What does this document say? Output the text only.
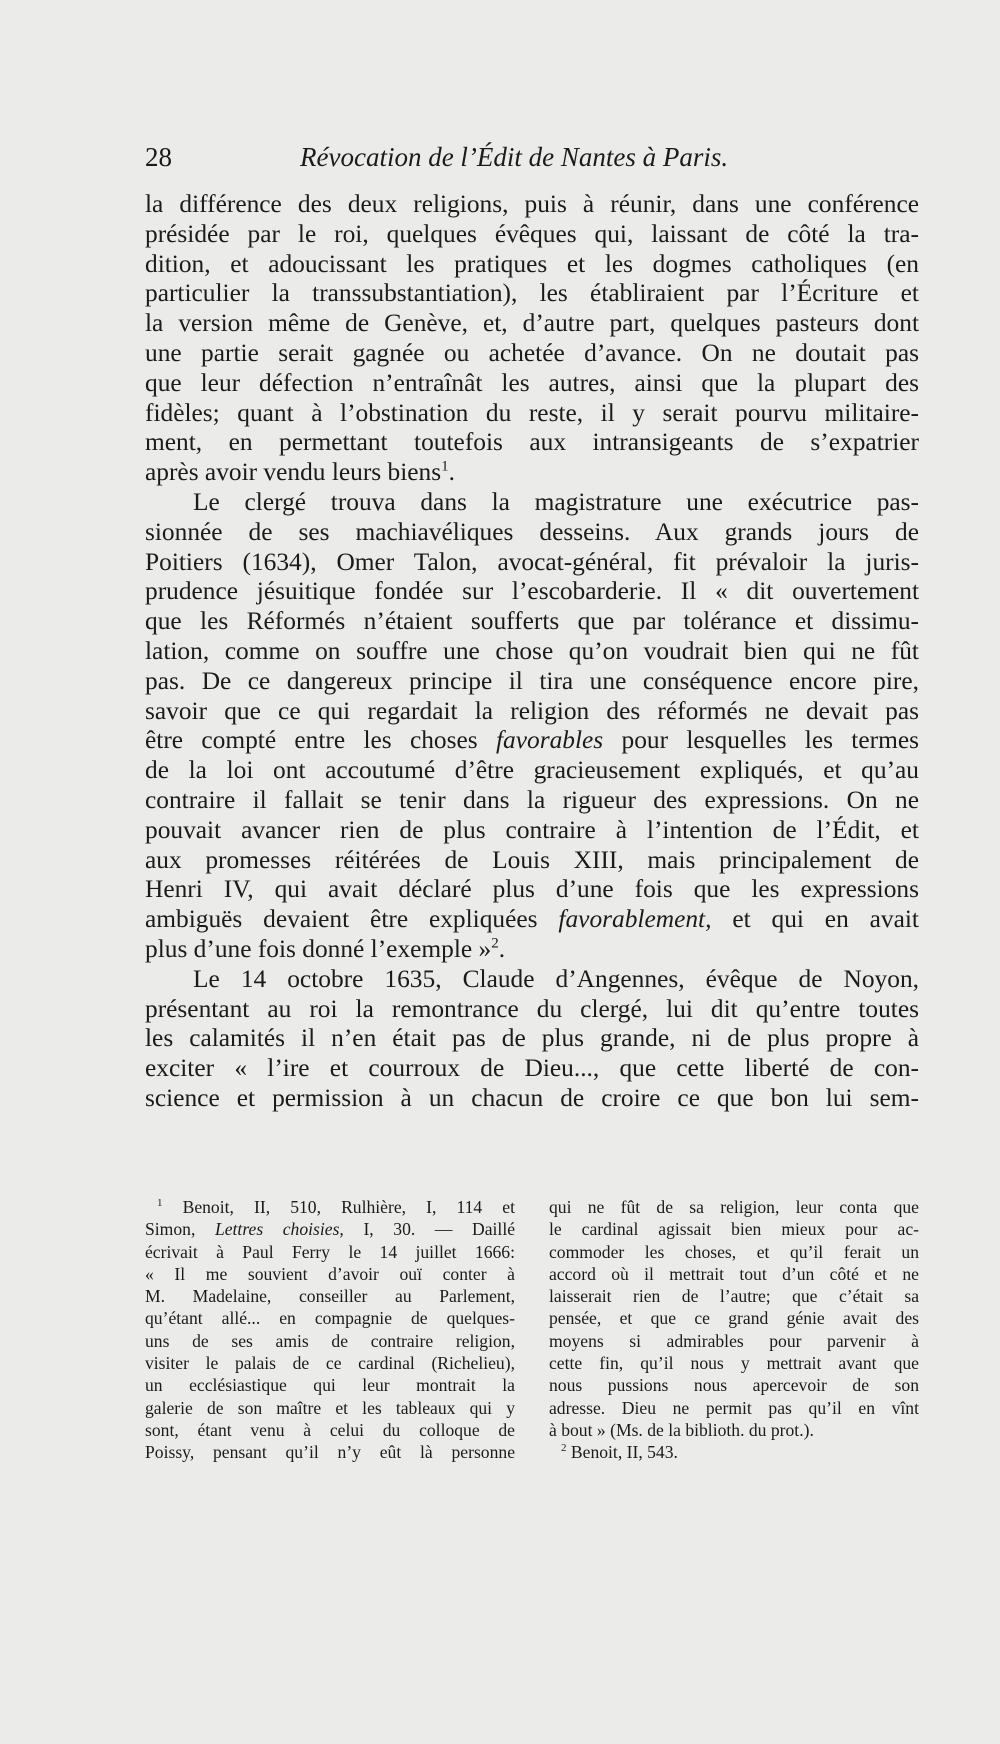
28	Révocation de l’Édit de Nantes à Paris.
la différence des deux religions, puis à réunir, dans une conférence
présidée par le roi, quelques évêques qui, laissant de côté la tra-
dition, et adoucissant les pratiques et les dogmes catholiques (en
particulier la transsubstantiation), les établiraient par l’Écriture et
la version même de Genève, et, d’autre part, quelques pasteurs dont
une partie serait gagnée ou achetée d’avance. On ne doutait pas
que leur défection n’entraînât les autres, ainsi que la plupart des
fidèles; quant à l’obstination du reste, il y serait pourvu militaire-
ment, en permettant toutefois aux intransigeants de s’expatrier
après avoir vendu leurs biens$^1$.
Le clergé trouva dans la magistrature une exécutrice pas-
sionnée de ses machiavéliques desseins. Aux grands jours de
Poitiers (1634), Omer Talon, avocat-général, fit prévaloir la juris-
prudence jésuitique fondée sur l’escobarderie. Il « dit ouvertement
que les Réformés n’étaient soufferts que par tolérance et dissimu-
lation, comme on souffre une chose qu’on voudrait bien qui ne fût
pas. De ce dangereux principe il tira une conséquence encore pire,
savoir que ce qui regardait la religion des réformés ne devait pas
être compté entre les choses favorables pour lesquelles les termes
de la loi ont accoutumé d’être gracieusement expliqués, et qu’au
contraire il fallait se tenir dans la rigueur des expressions. On ne
pouvait avancer rien de plus contraire à l’intention de l’Édit, et
aux promesses réitérées de Louis XIII, mais principalement de
Henri IV, qui avait déclaré plus d’une fois que les expressions
ambiguës devaient être expliquées favorablement, et qui en avait
plus d’une fois donné l’exemple »$^2$.
Le 14 octobre 1635, Claude d’Angennes, évêque de Noyon,
présentant au roi la remontrance du clergé, lui dit qu’entre toutes
les calamités il n’en était pas de plus grande, ni de plus propre à
exciter « l’ire et courroux de Dieu..., que cette liberté de con-
science et permission à un chacun de croire ce que bon lui sem-
$^1$ Benoit, II, 510, Rulhière, I, 114 et
Simon, Lettres choisies, I, 30. — Daillé
écrivait à Paul Ferry le 14 juillet 1666:
« Il me souvient d’avoir ouï conter à
M. Madelaine, conseiller au Parlement,
qu’étant allé... en compagnie de quelques-
uns de ses amis de contraire religion,
visiter le palais de ce cardinal (Richelieu),
un ecclésiastique qui leur montrait la
galerie de son maître et les tableaux qui y
sont, étant venu à celui du colloque de
Poissy, pensant qu’il n’y eût là personne
qui ne fût de sa religion, leur conta que
le cardinal agissait bien mieux pour ac-
commoder les choses, et qu’il ferait un
accord où il mettrait tout d’un côté et ne
laisserait rien de l’autre; que c’était sa
pensée, et que ce grand génie avait des
moyens si admirables pour parvenir à
cette fin, qu’il nous y mettrait avant que
nous pussions nous apercevoir de son
adresse. Dieu ne permit pas qu’il en vînt
à bout » (Ms. de la biblioth. du prot.).
$^2$ Benoit, II, 543.
